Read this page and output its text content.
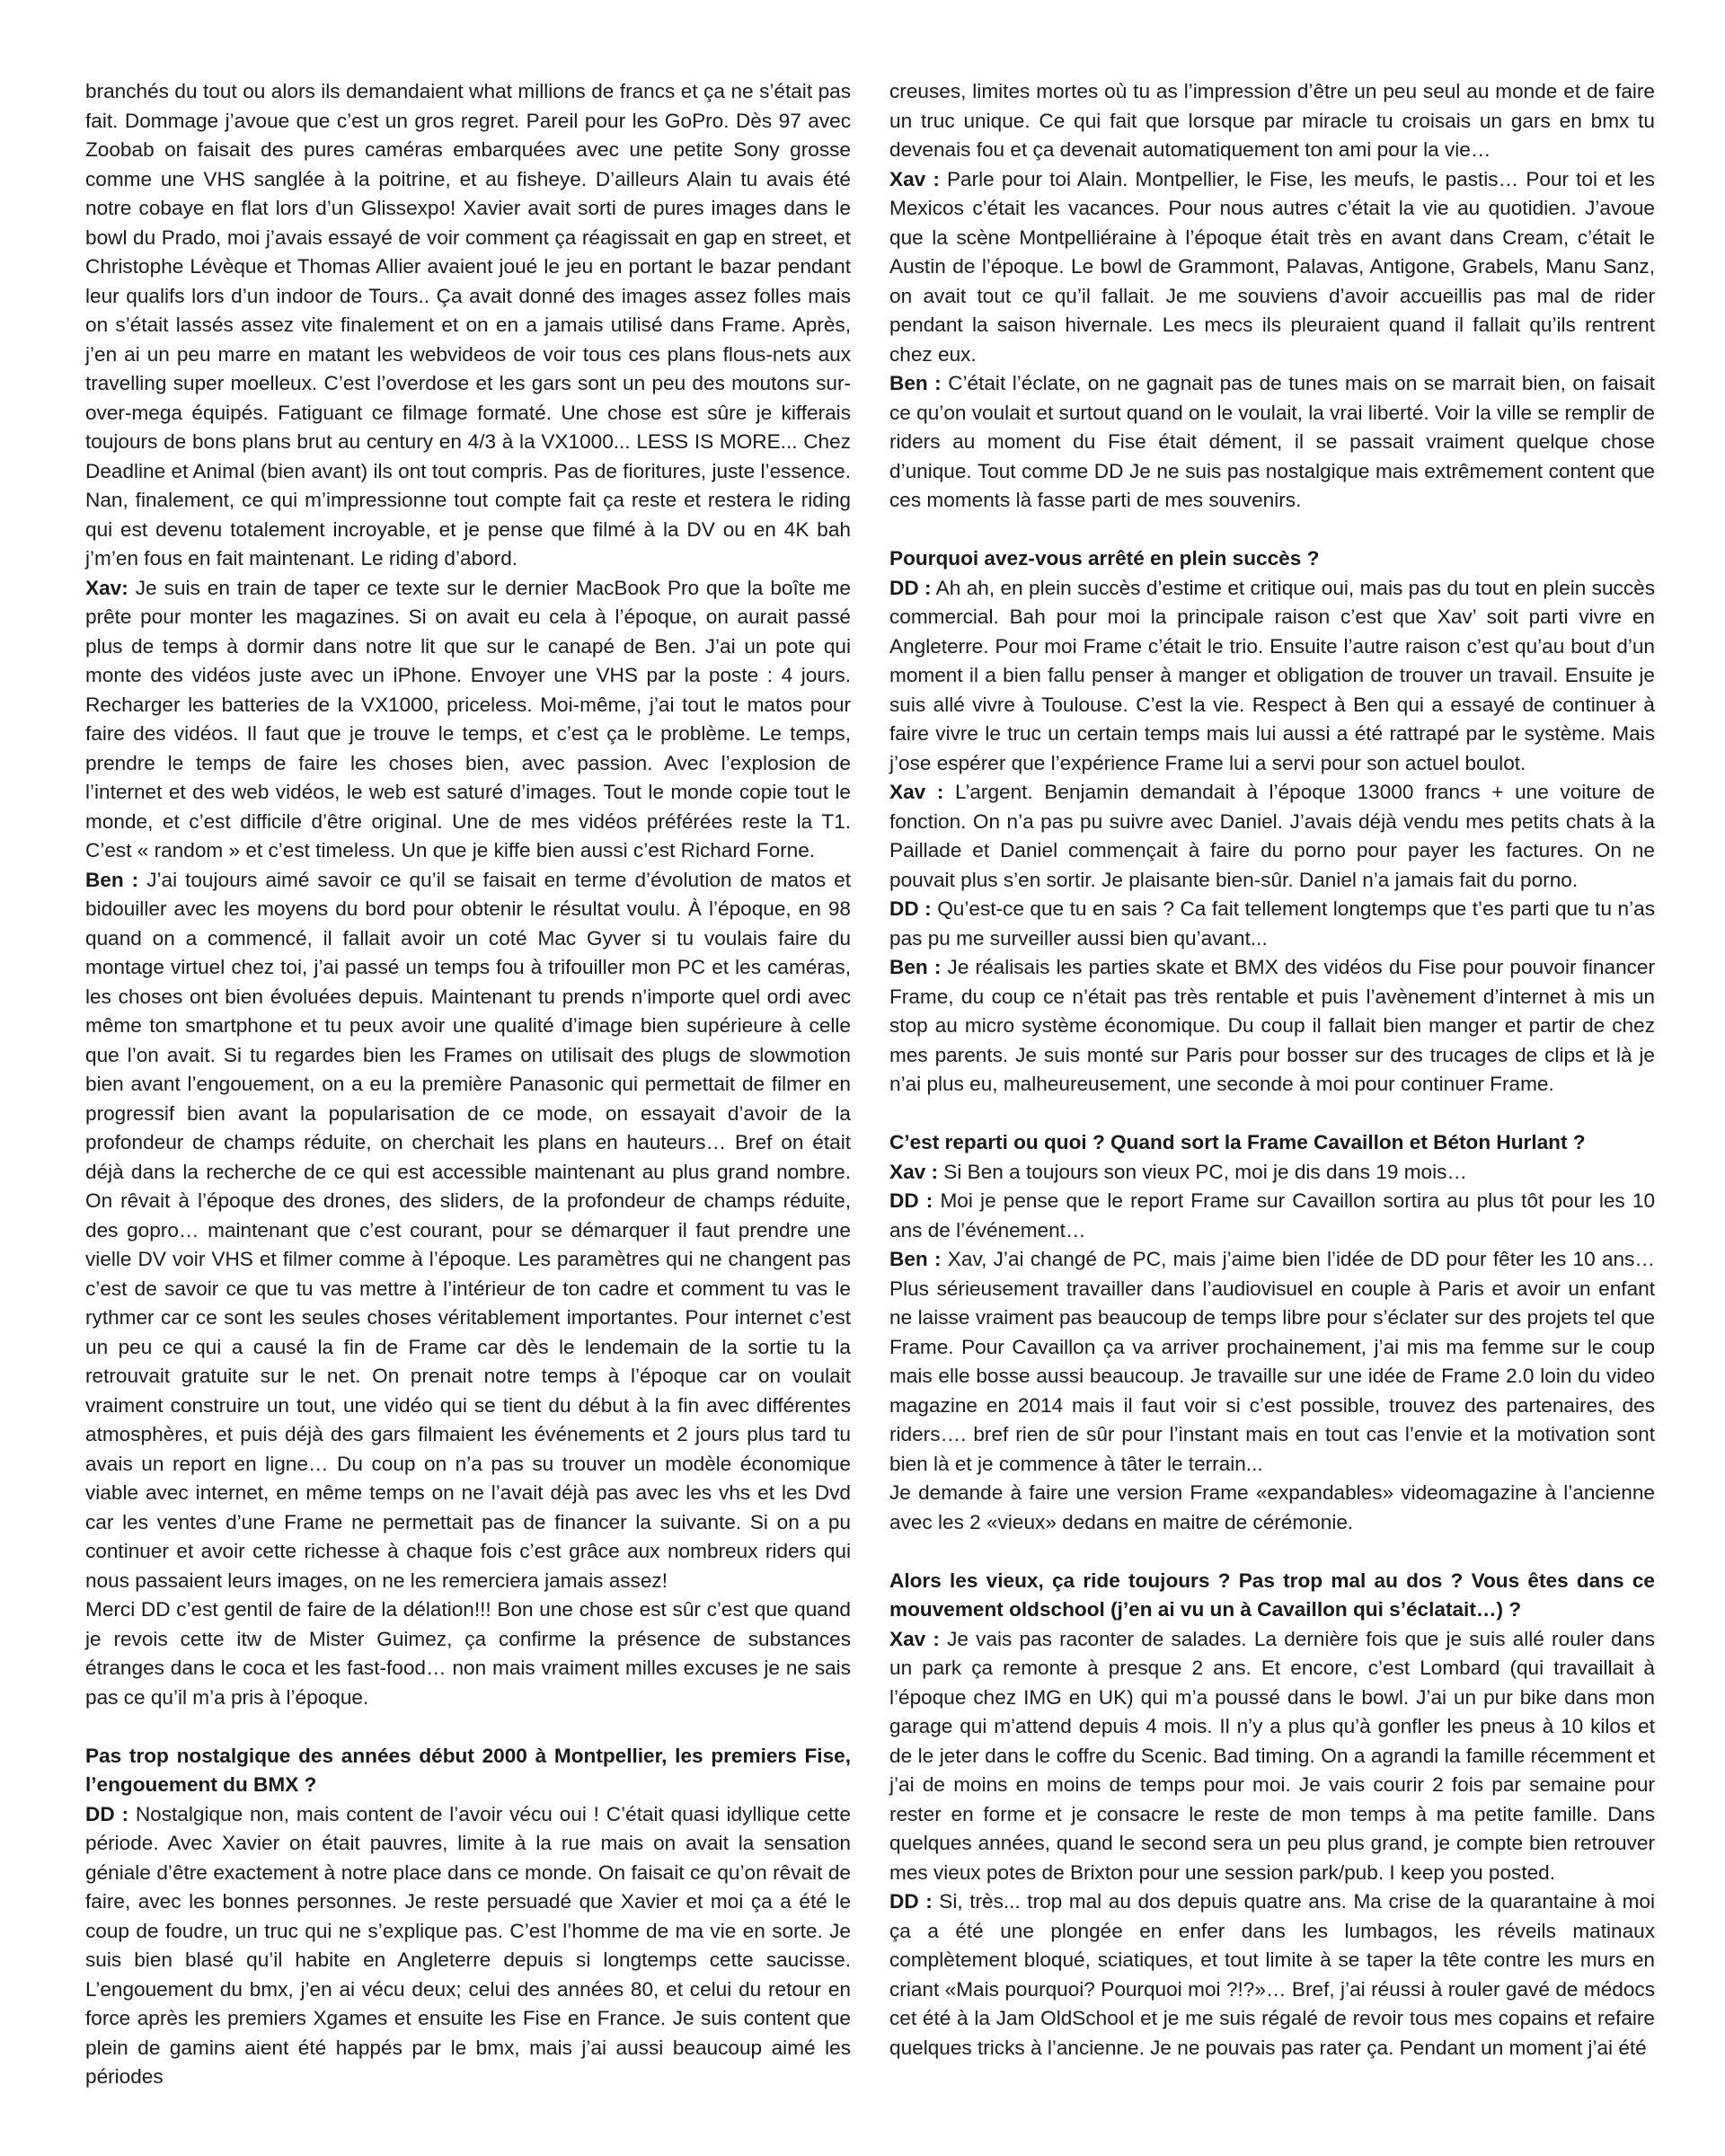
branchés du tout ou alors ils demandaient what millions de francs et ça ne s’était pas fait. Dommage j’avoue que c’est un gros regret. Pareil pour les GoPro. Dès 97 avec Zoobab on faisait des pures caméras embarquées avec une petite Sony grosse comme une VHS sanglée à la poitrine, et au fisheye. D’ailleurs Alain tu avais été notre cobaye en flat lors d’un Glissexpo! Xavier avait sorti de pures images dans le bowl du Prado, moi j’avais essayé de voir comment ça réagissait en gap en street, et Christophe Lévèque et Thomas Allier avaient joué le jeu en portant le bazar pendant leur qualifs lors d’un indoor de Tours.. Ça avait donné des images assez folles mais on s’était lassés assez vite finalement et on en a jamais utilisé dans Frame. Après, j’en ai un peu marre en matant les webvideos de voir tous ces plans flous-nets aux travelling super moelleux. C’est l’overdose et les gars sont un peu des moutons sur-over-mega équipés. Fatiguant ce filmage formaté. Une chose est sûre je kifferais toujours de bons plans brut au century en 4/3 à la VX1000... LESS IS MORE... Chez Deadline et Animal (bien avant) ils ont tout compris. Pas de fioritures, juste l’essence. Nan, finalement, ce qui m’impressionne tout compte fait ça reste et restera le riding qui est devenu totalement incroyable, et je pense que filmé à la DV ou en 4K bah j’m’en fous en fait maintenant. Le riding d’abord.

Xav: Je suis en train de taper ce texte sur le dernier MacBook Pro que la boîte me prête pour monter les magazines. Si on avait eu cela à l’époque, on aurait passé plus de temps à dormir dans notre lit que sur le canapé de Ben. J’ai un pote qui monte des vidéos juste avec un iPhone. Envoyer une VHS par la poste : 4 jours. Recharger les batteries de la VX1000, priceless. Moi-même, j’ai tout le matos pour faire des vidéos. Il faut que je trouve le temps, et c’est ça le problème. Le temps, prendre le temps de faire les choses bien, avec passion. Avec l’explosion de l’internet et des web vidéos, le web est saturé d’images. Tout le monde copie tout le monde, et c’est difficile d’être original. Une de mes vidéos préférées reste la T1. C’est « random » et c’est timeless. Un que je kiffe bien aussi c’est Richard Forne.

Ben : J’ai toujours aimé savoir ce qu’il se faisait en terme d’évolution de matos et bidouiller avec les moyens du bord pour obtenir le résultat voulu. À l’époque, en 98 quand on a commencé, il fallait avoir un coté Mac Gyver si tu voulais faire du montage virtuel chez toi, j’ai passé un temps fou à trifouiller mon PC et les caméras, les choses ont bien évoluées depuis. Maintenant tu prends n’importe quel ordi avec même ton smartphone et tu peux avoir une qualité d’image bien supérieure à celle que l’on avait. Si tu regardes bien les Frames on utilisait des plugs de slowmotion bien avant l’engouement, on a eu la première Panasonic qui permettait de filmer en progressif bien avant la popularisation de ce mode, on essayait d’avoir de la profondeur de champs réduite, on cherchait les plans en hauteurs… Bref on était déjà dans la recherche de ce qui est accessible maintenant au plus grand nombre. On rêvait à l’époque des drones, des sliders, de la profondeur de champs réduite, des gopro… maintenant que c’est courant, pour se démarquer il faut prendre une vielle DV voir VHS et filmer comme à l’époque. Les paramètres qui ne changent pas c’est de savoir ce que tu vas mettre à l’intérieur de ton cadre et comment tu vas le rythmer car ce sont les seules choses véritablement importantes. Pour internet c’est un peu ce qui a causé la fin de Frame car dès le lendemain de la sortie tu la retrouvait gratuite sur le net. On prenait notre temps à l’époque car on voulait vraiment construire un tout, une vidéo qui se tient du début à la fin avec différentes atmosphères, et puis déjà des gars filmaient les événements et 2 jours plus tard tu avais un report en ligne… Du coup on n’a pas su trouver un modèle économique viable avec internet, en même temps on ne l’avait déjà pas avec les vhs et les Dvd car les ventes d’une Frame ne permettait pas de financer la suivante. Si on a pu continuer et avoir cette richesse à chaque fois c’est grâce aux nombreux riders qui nous passaient leurs images, on ne les remerciera jamais assez!

Merci DD c’est gentil de faire de la délation!!! Bon une chose est sûr c’est que quand je revois cette itw de Mister Guimez, ça confirme la présence de substances étranges dans le coca et les fast-food… non mais vraiment milles excuses je ne sais pas ce qu’il m’a pris à l’époque.

Pas trop nostalgique des années début 2000 à Montpellier, les premiers Fise, l’engouement du BMX ?

DD : Nostalgique non, mais content de l’avoir vécu oui ! C’était quasi idyllique cette période. Avec Xavier on était pauvres, limite à la rue mais on avait la sensation géniale d’être exactement à notre place dans ce monde. On faisait ce qu’on rêvait de faire, avec les bonnes personnes. Je reste persuadé que Xavier et moi ça a été le coup de foudre, un truc qui ne s’explique pas. C’est l’homme de ma vie en sorte. Je suis bien blasé qu’il habite en Angleterre depuis si longtemps cette saucisse. L’engouement du bmx, j’en ai vécu deux; celui des années 80, et celui du retour en force après les premiers Xgames et ensuite les Fise en France. Je suis content que plein de gamins aient été happés par le bmx, mais j’ai aussi beaucoup aimé les périodes

creuses, limites mortes où tu as l’impression d’être un peu seul au monde et de faire un truc unique. Ce qui fait que lorsque par miracle tu croisais un gars en bmx tu devenais fou et ça devenait automatiquement ton ami pour la vie…

Xav : Parle pour toi Alain. Montpellier, le Fise, les meufs, le pastis… Pour toi et les Mexicos c’était les vacances. Pour nous autres c’était la vie au quotidien. J’avoue que la scène Montpelliéraine à l’époque était très en avant dans Cream, c’était le Austin de l’époque. Le bowl de Grammont, Palavas, Antigone, Grabels, Manu Sanz, on avait tout ce qu’il fallait. Je me souviens d’avoir accueillis pas mal de rider pendant la saison hivernale. Les mecs ils pleuraient quand il fallait qu’ils rentrent chez eux.

Ben : C’était l’éclate, on ne gagnait pas de tunes mais on se marrait bien, on faisait ce qu’on voulait et surtout quand on le voulait, la vrai liberté. Voir la ville se remplir de riders au moment du Fise était dément, il se passait vraiment quelque chose d’unique. Tout comme DD Je ne suis pas nostalgique mais extrêmement content que ces moments là fasse parti de mes souvenirs.

Pourquoi avez-vous arrêté en plein succès ?

DD : Ah ah, en plein succès d’estime et critique oui, mais pas du tout en plein succès commercial. Bah pour moi la principale raison c’est que Xav’ soit parti vivre en Angleterre. Pour moi Frame c’était le trio. Ensuite l’autre raison c’est qu’au bout d’un moment il a bien fallu penser à manger et obligation de trouver un travail. Ensuite je suis allé vivre à Toulouse. C’est la vie. Respect à Ben qui a essayé de continuer à faire vivre le truc un certain temps mais lui aussi a été rattrapé par le système. Mais j’ose espérer que l’expérience Frame lui a servi pour son actuel boulot.

Xav : L’argent. Benjamin demandait à l’époque 13000 francs + une voiture de fonction. On n’a pas pu suivre avec Daniel. J’avais déjà vendu mes petits chats à la Paillade et Daniel commençait à faire du porno pour payer les factures. On ne pouvait plus s’en sortir. Je plaisante bien-sûr. Daniel n’a jamais fait du porno.

DD : Qu’est-ce que tu en sais ? Ca fait tellement longtemps que t’es parti que tu n’as pas pu me surveiller aussi bien qu’avant...

Ben : Je réalisais les parties skate et BMX des vidéos du Fise pour pouvoir financer Frame, du coup ce n’était pas très rentable et puis l’avènement d’internet à mis un stop au micro système économique. Du coup il fallait bien manger et partir de chez mes parents. Je suis monté sur Paris pour bosser sur des trucages de clips et là je n’ai plus eu, malheureusement, une seconde à moi pour continuer Frame.

C’est reparti ou quoi ? Quand sort la Frame Cavaillon et Béton Hurlant ?

Xav : Si Ben a toujours son vieux PC, moi je dis dans 19 mois…

DD : Moi je pense que le report Frame sur Cavaillon sortira au plus tôt pour les 10 ans de l’événement…

Ben : Xav, J’ai changé de PC, mais j’aime bien l’idée de DD pour fêter les 10 ans… Plus sérieusement travailler dans l’audiovisuel en couple à Paris et avoir un enfant ne laisse vraiment pas beaucoup de temps libre pour s’éclater sur des projets tel que Frame. Pour Cavaillon ça va arriver prochainement, j’ai mis ma femme sur le coup mais elle bosse aussi beaucoup. Je travaille sur une idée de Frame 2.0 loin du video magazine en 2014 mais il faut voir si c’est possible, trouvez des partenaires, des riders…. bref rien de sûr pour l’instant mais en tout cas l’envie et la motivation sont bien là et je commence à tâter le terrain...

Je demande à faire une version Frame «expandables» videomagazine à l’ancienne avec les 2 «vieux» dedans en maitre de cérémonie.

Alors les vieux, ça ride toujours ? Pas trop mal au dos ? Vous êtes dans ce mouvement oldschool (j’en ai vu un à Cavaillon qui s’éclatait…) ?

Xav : Je vais pas raconter de salades. La dernière fois que je suis allé rouler dans un park ça remonte à presque 2 ans. Et encore, c’est Lombard (qui travaillait à l’époque chez IMG en UK) qui m’a poussé dans le bowl. J’ai un pur bike dans mon garage qui m’attend depuis 4 mois. Il n’y a plus qu’à gonfler les pneus à 10 kilos et de le jeter dans le coffre du Scenic. Bad timing. On a agrandi la famille récemment et j’ai de moins en moins de temps pour moi. Je vais courir 2 fois par semaine pour rester en forme et je consacre le reste de mon temps à ma petite famille. Dans quelques années, quand le second sera un peu plus grand, je compte bien retrouver mes vieux potes de Brixton pour une session park/pub. I keep you posted.

DD : Si, très... trop mal au dos depuis quatre ans. Ma crise de la quarantaine à moi ça a été une plongée en enfer dans les lumbagos, les réveils matinaux complètement bloqué, sciatiques, et tout limite à se taper la tête contre les murs en criant «Mais pourquoi? Pourquoi moi ?!?»… Bref, j’ai réussi à rouler gavé de médocs cet été à la Jam OldSchool et je me suis régalé de revoir tous mes copains et refaire quelques tricks à l’ancienne. Je ne pouvais pas rater ça. Pendant un moment j’ai été
